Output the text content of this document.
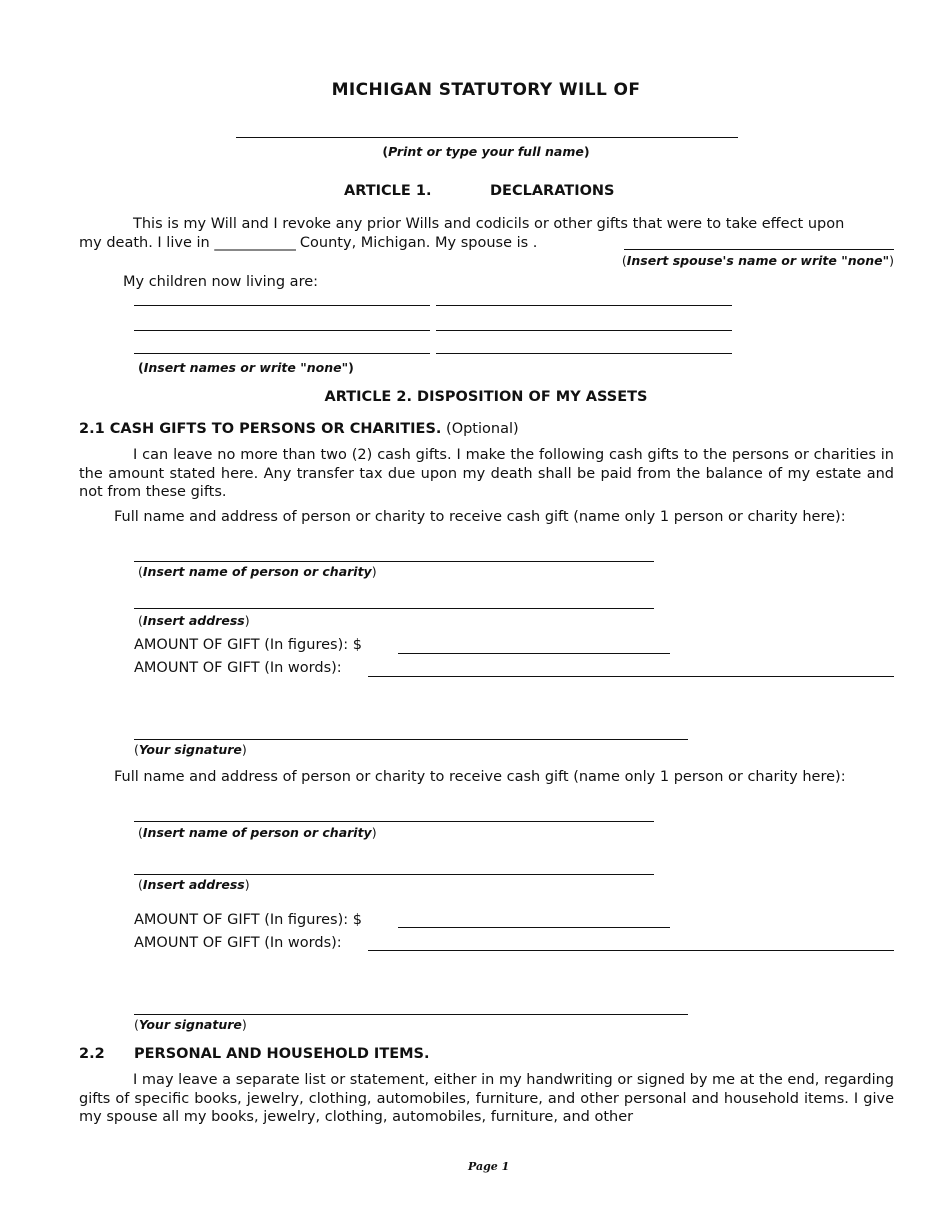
MICHIGAN STATUTORY WILL OF
(Print or type your full name)
ARTICLE 1.	DECLARATIONS
This is my Will and I revoke any prior Wills and codicils or other gifts that were to take effect upon
my death. I live in ____________ County, Michigan. My spouse is .
(Insert spouse's name or write "none")
My children now living are:
(Insert names or write "none")
ARTICLE 2. DISPOSITION OF MY ASSETS
2.1 CASH GIFTS TO PERSONS OR CHARITIES. (Optional)
I can leave no more than two (2) cash gifts. I make the following cash gifts to the persons or charities in the amount stated here. Any transfer tax due upon my death shall be paid from the balance of my estate and not from these gifts.
Full name and address of person or charity to receive cash gift (name only 1 person or charity here):
(Insert name of person or charity)
(Insert address)
AMOUNT OF GIFT (In figures): $
AMOUNT OF GIFT (In words):
(Your signature)
Full name and address of person or charity to receive cash gift (name only 1 person or charity here):
(Insert name of person or charity)
(Insert address)
AMOUNT OF GIFT (In figures): $
AMOUNT OF GIFT (In words):
(Your signature)
2.2 PERSONAL AND HOUSEHOLD ITEMS.
I may leave a separate list or statement, either in my handwriting or signed by me at the end, regarding gifts of specific books, jewelry, clothing, automobiles, furniture, and other personal and household items. I give my spouse all my books, jewelry, clothing, automobiles, furniture, and other
Page 1
